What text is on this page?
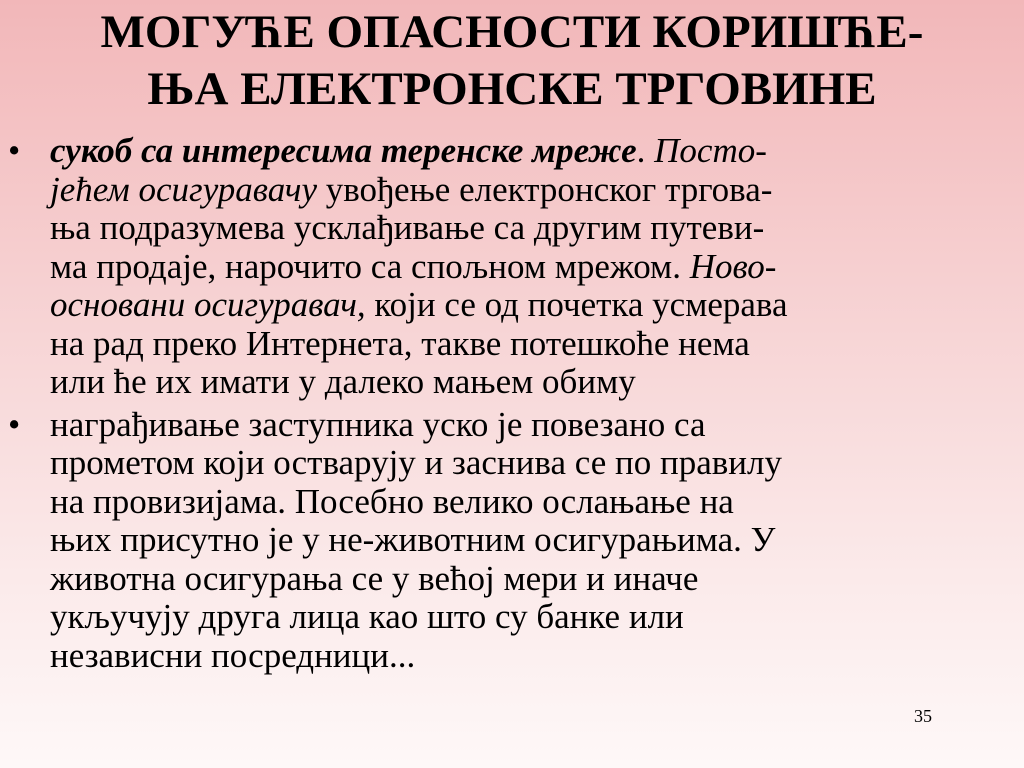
МОГУЋЕ ОПАСНОСТИ КОРИШЋЕ-
ЊА ЕЛЕКТРОНСКЕ ТРГОВИНЕ
• сукоб са интересима теренске мреже. Посто-
јећем осигуравачу увођење електронског тргова-
ња подразумева усклађивање са другим путеви-
ма продаје, нарочито са спољном мрежом. Ново-
основани осигуравач, који се од почетка усмерава
на рад преко Интернета, такве потешкоће нема
или ће их имати у далеко мањем обиму
• награђивање заступника уско је повезано са
прометом који остварују и заснива се по правилу
на провизијама. Посебно велико ослањање на
њих присутно је у не-животним осигурањима. У
животна осигурања се у већој мери и иначе
укључују друга лица као што су банке или
независни посредници...
35
